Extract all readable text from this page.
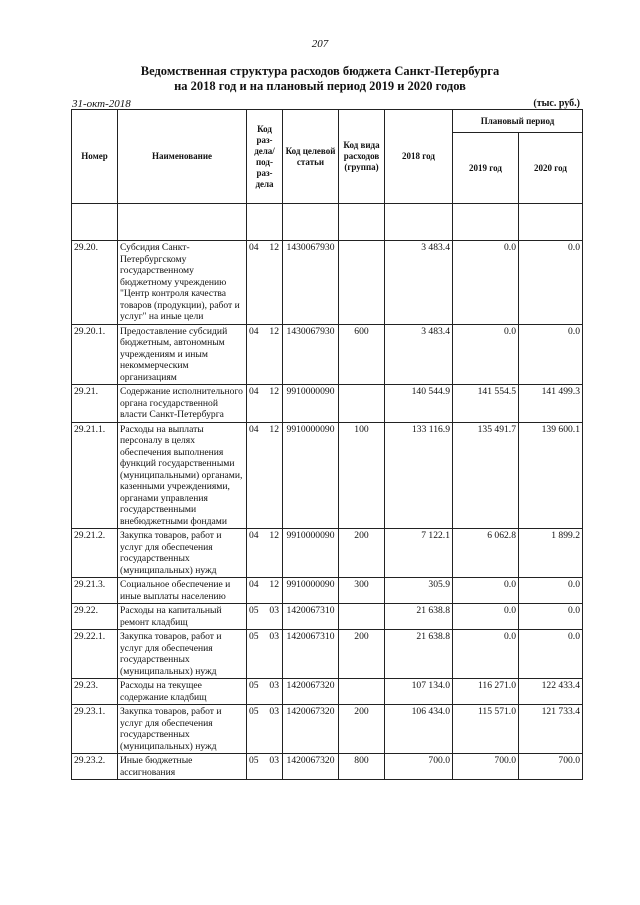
207
Ведомственная структура расходов бюджета Санкт-Петербурга
на 2018 год и на плановый период 2019 и 2020 годов
31-окт-2018	(тыс. руб.)
Номер	Наименование	Код раз-дела/ под-раз-дела	Код целевой статьи	Код вида расходов (группа)	2018 год	Плановый период	
						2019 год	2020 год

29.20.	Субсидия Санкт-Петербургскому государственному бюджетному учреждению "Центр контроля качества товаров (продукции), работ и услуг" на иные цели	04 12	1430067930		3 483.4	0.0	0.0
29.20.1.	Предоставление субсидий бюджетным, автономным учреждениям и иным некоммерческим организациям	04 12	1430067930	600	3 483.4	0.0	0.0
29.21.	Содержание исполнительного органа государственной власти Санкт-Петербурга	04 12	9910000090		140 544.9	141 554.5	141 499.3
29.21.1.	Расходы на выплаты персоналу в целях обеспечения выполнения функций государственными (муниципальными) органами, казенными учреждениями, органами управления государственными внебюджетными фондами	04 12	9910000090	100	133 116.9	135 491.7	139 600.1
29.21.2.	Закупка товаров, работ и услуг для обеспечения государственных (муниципальных) нужд	04 12	9910000090	200	7 122.1	6 062.8	1 899.2
29.21.3.	Социальное обеспечение и иные выплаты населению	04 12	9910000090	300	305.9	0.0	0.0
29.22.	Расходы на капитальный ремонт кладбищ	05 03	1420067310		21 638.8	0.0	0.0
29.22.1.	Закупка товаров, работ и услуг для обеспечения государственных (муниципальных) нужд	05 03	1420067310	200	21 638.8	0.0	0.0
29.23.	Расходы на текущее содержание кладбищ	05 03	1420067320		107 134.0	116 271.0	122 433.4
29.23.1.	Закупка товаров, работ и услуг для обеспечения государственных (муниципальных) нужд	05 03	1420067320	200	106 434.0	115 571.0	121 733.4
29.23.2.	Иные бюджетные ассигнования	05 03	1420067320	800	700.0	700.0	700.0
